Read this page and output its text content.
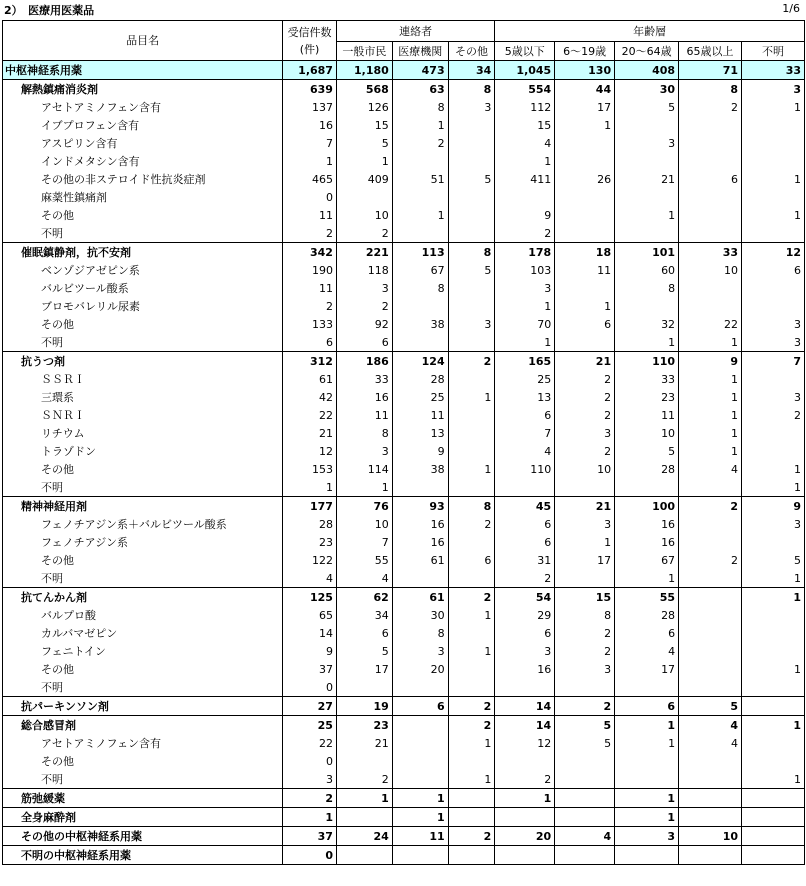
2）　医療用医薬品	1/6
品目名	受信件数
(件)	連絡者			年齢層				
		一般市民	医療機関	その他	5歳以下	6～19歳	20～64歳	65歳以上	不明
中枢神経系用薬	1,687	1,180	473	34	1,045	130	408	71	33
解熱鎮痛消炎剤	639	568	63	8	554	44	30	8	3
アセトアミノフェン含有	137	126	8	3	112	17	5	2	1
イブプロフェン含有	16	15	1		15	1			
アスピリン含有	7	5	2		4		3		
インドメタシン含有	1	1			1				
その他の非ステロイド性抗炎症剤	465	409	51	5	411	26	21	6	1
麻薬性鎮痛剤	0								
その他	11	10	1		9		1		1
不明	2	2			2				
催眠鎮静剤，抗不安剤	342	221	113	8	178	18	101	33	12
ベンゾジアゼピン系	190	118	67	5	103	11	60	10	6
バルビツール酸系	11	3	8		3		8		
ブロモバレリル尿素	2	2			1	1			
その他	133	92	38	3	70	6	32	22	3
不明	6	6			1		1	1	3
抗うつ剤	312	186	124	2	165	21	110	9	7
ＳＳＲＩ	61	33	28		25	2	33	1	
三環系	42	16	25	1	13	2	23	1	3
ＳＮＲＩ	22	11	11		6	2	11	1	2
リチウム	21	8	13		7	3	10	1	
トラゾドン	12	3	9		4	2	5	1	
その他	153	114	38	1	110	10	28	4	1
不明	1	1							1
精神神経用剤	177	76	93	8	45	21	100	2	9
フェノチアジン系＋バルビツール酸系	28	10	16	2	6	3	16		3
フェノチアジン系	23	7	16		6	1	16		
その他	122	55	61	6	31	17	67	2	5
不明	4	4			2		1		1
抗てんかん剤	125	62	61	2	54	15	55		1
バルプロ酸	65	34	30	1	29	8	28		
カルバマゼピン	14	6	8		6	2	6		
フェニトイン	9	5	3	1	3	2	4		
その他	37	17	20		16	3	17		1
不明	0								
抗パーキンソン剤	27	19	6	2	14	2	6	5	
総合感冒剤	25	23		2	14	5	1	4	1
アセトアミノフェン含有	22	21		1	12	5	1	4	
その他	0								
不明	3	2		1	2				1
筋弛緩薬	2	1	1		1		1		
全身麻酔剤	1		1				1		
その他の中枢神経系用薬	37	24	11	2	20	4	3	10	
不明の中枢神経系用薬	0								
